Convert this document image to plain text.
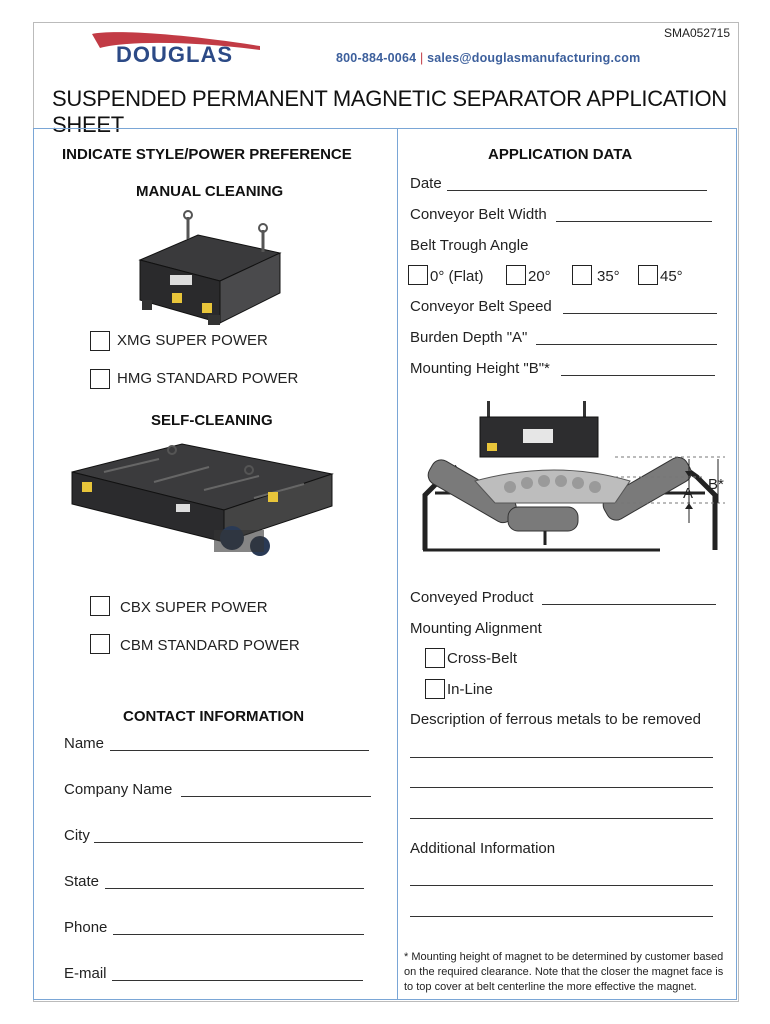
SMA052715
DOUGLAS	800-884-0064 | sales@douglasmanufacturing.com
SUSPENDED PERMANENT MAGNETIC SEPARATOR APPLICATION SHEET
INDICATE STYLE/POWER PREFERENCE
MANUAL CLEANING
XMG SUPER POWER
HMG STANDARD POWER
SELF-CLEANING
CBX SUPER POWER
CBM STANDARD POWER
CONTACT INFORMATION
Name
Company Name
City
State
Phone
E-mail
APPLICATION DATA
Date
Conveyor Belt Width
Belt Trough Angle
0° (Flat)	20°	35°	45°
Conveyor Belt Speed
Burden Depth "A"
Mounting Height "B"*
A
B*
Conveyed Product
Mounting Alignment
Cross-Belt
In-Line
Description of ferrous metals to be removed
Additional Information
* Mounting height of magnet to be determined by customer based on the required clearance. Note that the closer the magnet face is to top cover at belt centerline the more effective the magnet.
